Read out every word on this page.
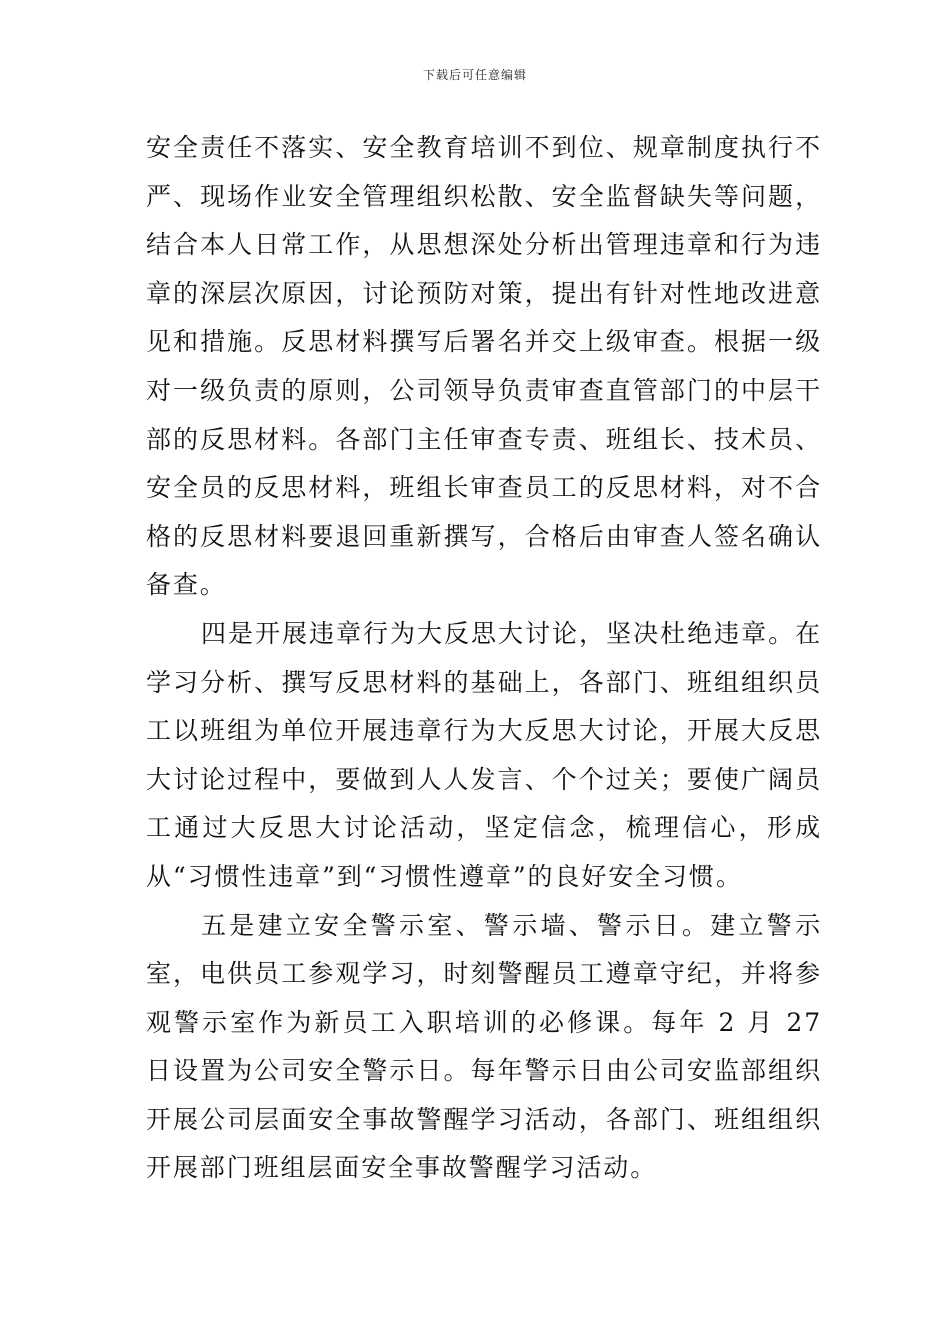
下载后可任意编辑

安全责任不落实、安全教育培训不到位、规章制度执行不严、现场作业安全管理组织松散、安全监督缺失等问题，结合本人日常工作，从思想深处分析出管理违章和行为违章的深层次原因，讨论预防对策，提出有针对性地改进意见和措施。反思材料撰写后署名并交上级审查。根据一级对一级负责的原则，公司领导负责审查直管部门的中层干部的反思材料。各部门主任审查专责、班组长、技术员、安全员的反思材料，班组长审查员工的反思材料，对不合格的反思材料要退回重新撰写，合格后由审查人签名确认备查。

四是开展违章行为大反思大讨论，坚决杜绝违章。在学习分析、撰写反思材料的基础上，各部门、班组组织员工以班组为单位开展违章行为大反思大讨论，开展大反思大讨论过程中，要做到人人发言、个个过关；要使广阔员工通过大反思大讨论活动，坚定信念，梳理信心，形成从“习惯性违章”到“习惯性遵章”的良好安全习惯。

五是建立安全警示室、警示墙、警示日。建立警示室，电供员工参观学习，时刻警醒员工遵章守纪，并将参观警示室作为新员工入职培训的必修课。每年 2 月 27 日设置为公司安全警示日。每年警示日由公司安监部组织开展公司层面安全事故警醒学习活动，各部门、班组组织开展部门班组层面安全事故警醒学习活动。
